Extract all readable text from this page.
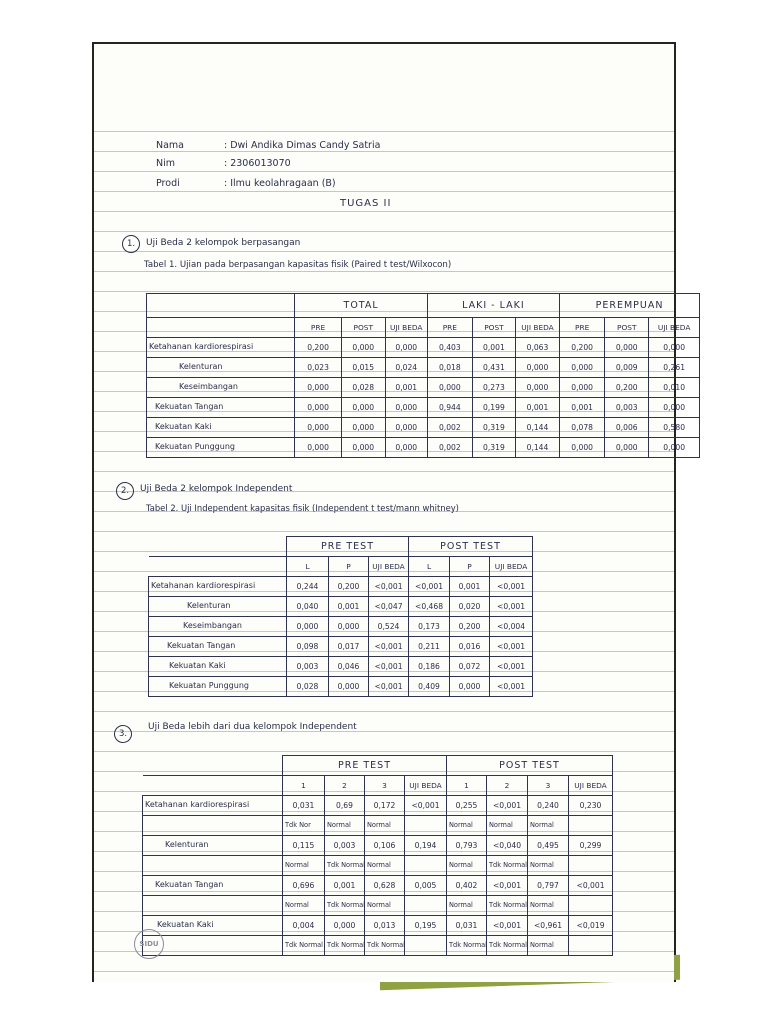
Nama	: Dwi Andika Dimas Candy Satria
Nim	: 2306013070
Prodi	: Ilmu keolahragaan (B)
TUGAS II
1.	Uji Beda 2 kelompok berpasangan
Tabel 1. Ujian pada berpasangan kapasitas fisik (Paired t test/Wilxocon)
	TOTAL			LAKI - LAKI			PEREMPUAN		
	PRE	POST	UJI BEDA	PRE	POST	UJI BEDA	PRE	POST	UJI BEDA
Ketahanan kardiorespirasi	0,200	0,000	0,000	0,403	0,001	0,063	0,200	0,000	0,000
Kelenturan	0,023	0,015	0,024	0,018	0,431	0,000	0,000	0,009	0,261
Keseimbangan	0,000	0,028	0,001	0,000	0,273	0,000	0,000	0,200	0,010
Kekuatan Tangan	0,000	0,000	0,000	0,944	0,199	0,001	0,001	0,003	0,000
Kekuatan Kaki	0,000	0,000	0,000	0,002	0,319	0,144	0,078	0,006	0,580
Kekuatan Punggung	0,000	0,000	0,000	0,002	0,319	0,144	0,000	0,000	0,000
2.	Uji Beda 2 kelompok Independent
Tabel 2. Uji Independent kapasitas fisik (Independent t test/mann whitney)
	PRE TEST			POST TEST		
	L	P	UJI BEDA	L	P	UJI BEDA
Ketahanan kardiorespirasi	0,244	0,200	<0,001	<0,001	0,001	<0,001
Kelenturan	0,040	0,001	<0,047	<0,468	0,020	<0,001
Keseimbangan	0,000	0,000	0,524	0,173	0,200	<0,004
Kekuatan Tangan	0,098	0,017	<0,001	0,211	0,016	<0,001
Kekuatan Kaki	0,003	0,046	<0,001	0,186	0,072	<0,001
Kekuatan Punggung	0,028	0,000	<0,001	0,409	0,000	<0,001
3.
Uji Beda lebih dari dua kelompok Independent
	PRE TEST				POST TEST			
	1	2	3	UJI BEDA	1	2	3	UJI BEDA
Ketahanan kardiorespirasi	0,031	0,69	0,172	<0,001	0,255	<0,001	0,240	0,230

	Tdk Nor	Normal	Normal		Normal	Normal	Normal	

Kelenturan	0,115	0,003	0,106	0,194	0,793	<0,040	0,495	0,299

	Normal	Tdk Normal	Normal		Normal	Tdk Normal	Normal	

Kekuatan Tangan	0,696	0,001	0,628	0,005	0,402	<0,001	0,797	<0,001

	Normal	Tdk Normal	Normal		Normal	Tdk Normal	Normal	

Kekuatan Kaki	0,004	0,000	0,013	0,195	0,031	<0,001	<0,961	<0,019

	Tdk Normal	Tdk Normal	Tdk Normal		Tdk Normal	Tdk Normal	Normal	

SIDU
